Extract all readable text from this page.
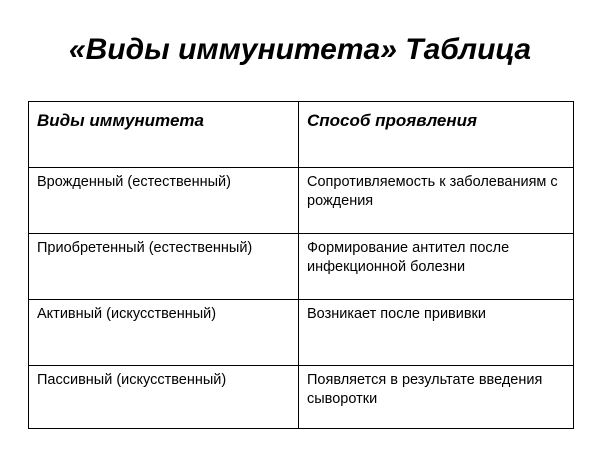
«Виды иммунитета» Таблица
Виды иммунитета	Способ проявления
Врожденный (естественный)	Сопротивляемость к заболеваниям с рождения
Приобретенный (естественный)	Формирование антител после инфекционной болезни
Активный (искусственный)	Возникает после прививки
Пассивный (искусственный)	Появляется в результате введения сыворотки
